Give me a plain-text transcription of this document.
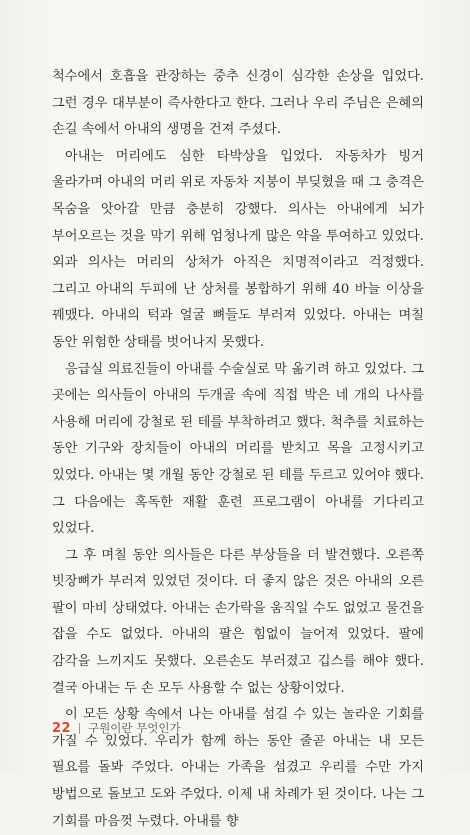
척수에서 호흡을 관장하는 중추 신경이 심각한 손상을 입었다. 그런 경우 대부분이 즉사한다고 한다. 그러나 우리 주님은 은혜의 손길 속에서 아내의 생명을 건져 주셨다.

아내는 머리에도 심한 타박상을 입었다. 자동차가 빙거 울라가며 아내의 머리 위로 자동차 지붕이 부딪혔을 때 그 충격은 목숨을 앗아갈 만큼 충분히 강했다. 의사는 아내에게 뇌가 부어오르는 것을 막기 위해 엄청나게 많은 약을 투여하고 있었다. 외과 의사는 머리의 상처가 아직은 치명적이라고 걱정했다. 그리고 아내의 두피에 난 상처를 봉합하기 위해 40 바늘 이상을 꿰맸다. 아내의 턱과 얼굴 뼈들도 부러져 있었다. 아내는 며칠 동안 위험한 상태를 벗어나지 못했다.

응급실 의료진들이 아내를 수술실로 막 옮기려 하고 있었다. 그 곳에는 의사들이 아내의 두개골 속에 직접 박은 네 개의 나사를 사용해 머리에 강철로 된 테를 부착하려고 했다. 척추를 치료하는 동안 기구와 장치들이 아내의 머리를 받치고 목을 고정시키고 있었다. 아내는 몇 개월 동안 강철로 된 테를 두르고 있어야 했다. 그 다음에는 혹독한 재활 훈련 프로그램이 아내를 기다리고 있었다.

그 후 며칠 동안 의사들은 다른 부상들을 더 발견했다. 오른쪽 빗장뼈가 부러져 있었던 것이다. 더 좋지 않은 것은 아내의 오른 팔이 마비 상태였다. 아내는 손가락을 움직일 수도 없었고 물건을 잡을 수도 없었다. 아내의 팔은 힘없이 늘어져 있었다. 팔에 감각을 느끼지도 못했다. 오른손도 부러졌고 깁스를 해야 했다. 결국 아내는 두 손 모두 사용할 수 없는 상황이었다.

이 모든 상황 속에서 나는 아내를 섬길 수 있는 놀라운 기회를 가질 수 있었다. 우리가 함께 하는 동안 줄곧 아내는 내 모든 필요를 돌봐 주었다. 아내는 가족을 섬겼고 우리를 수만 가지 방법으로 돌보고 도와 주었다. 이제 내 차례가 된 것이다. 나는 그 기회를 마음껏 누렸다. 아내를 향

22 구원이란 무엇인가
